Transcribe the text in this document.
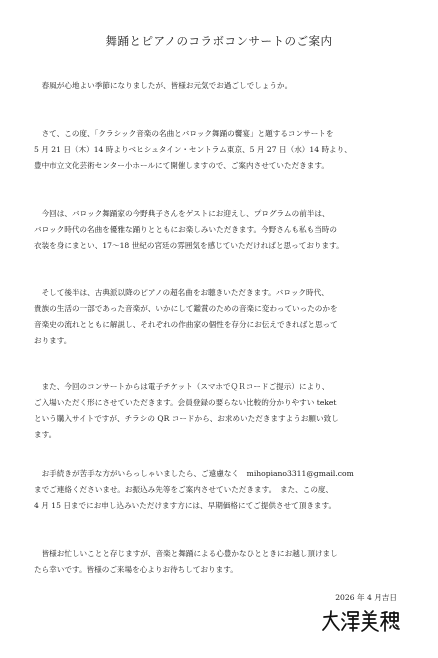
舞踊とピアノのコラボコンサートのご案内
　春風が心地よい季節になりましたが、皆様お元気でお過ごしでしょうか。
　さて、この度、「クラシック音楽の名曲とバロック舞踊の饗宴」と題するコンサートを
5 月 21 日（木）14 時よりベヒシュタイン・セントラム東京、5 月 27 日（水）14 時より、
豊中市立文化芸術センター小ホールにて開催しますので、ご案内させていただきます。
　今回は、バロック舞踊家の今野典子さんをゲストにお迎えし、プログラムの前半は、
バロック時代の名曲を優雅な踊りとともにお楽しみいただきます。今野さんも私も当時の
衣装を身にまとい、17～18 世紀の宮廷の雰囲気を感じていただければと思っております。
　そして後半は、古典派以降のピアノの超名曲をお聴きいただきます。バロック時代、
貴族の生活の一部であった音楽が、いかにして鑑賞のための音楽に変わっていったのかを
音楽史の流れとともに解説し、それぞれの作曲家の個性を存分にお伝えできればと思って
おります。
　また、今回のコンサートからは電子チケット（スマホでＱＲコードご提示）により、
ご入場いただく形にさせていただきます。会員登録の要らない比較的分かりやすい teket
という購入サイトですが、チラシの QR コードから、お求めいただきますようお願い致し
ます。
　お手続きが苦手な方がいらっしゃいましたら、ご遠慮なく　mihopiano3311@gmail.com
までご連絡くださいませ。お振込み先等をご案内させていただきます。　また、この度、
4 月 15 日までにお申し込みいただけます方には、早期価格にてご提供させて頂きます。
　皆様お忙しいことと存じますが、音楽と舞踊による心豊かなひとときにお越し頂けまし
たら幸いです。皆様のご来場を心よりお待ちしております。
2026 年 4 月吉日
